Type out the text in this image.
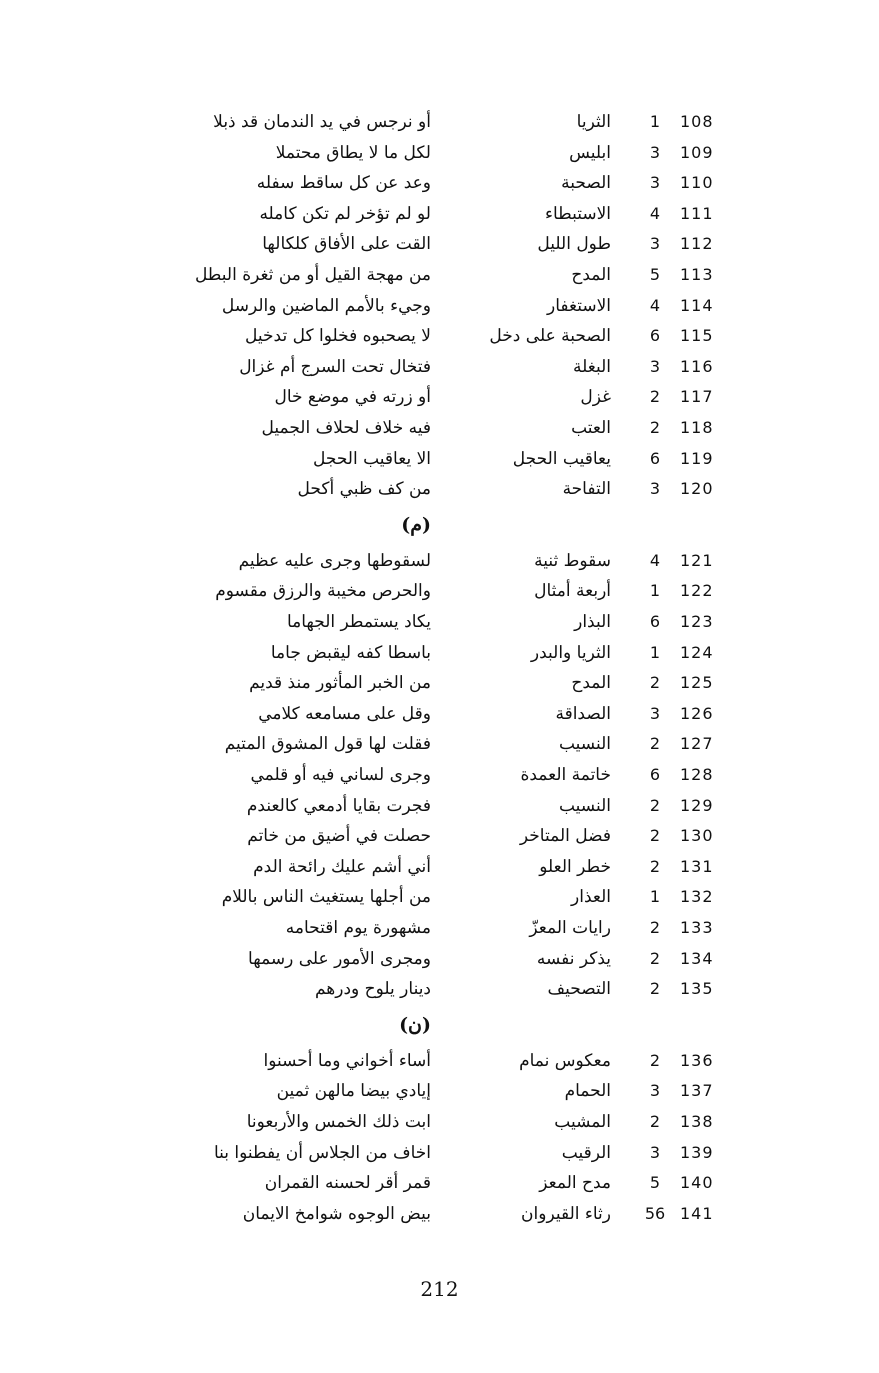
108
1
الثريا
أو نرجس في يد الندمان قد ذبلا
109
3
ابليس
لكل ما لا يطاق محتملا
110
3
الصحبة
وعد عن كل ساقط سفله
111
4
الاستبطاء
لو لم تؤخر لم تكن كامله
112
3
طول الليل
القت على الأفاق كلكالها
113
5
المدح
من مهجة القيل أو من ثغرة البطل
114
4
الاستغفار
وجيء بالأمم الماضين والرسل
115
6
الصحبة على دخل
لا يصحبوه فخلوا كل تدخيل
116
3
البغلة
فتخال تحت السرج أم غزال
117
2
غزل
أو زرته في موضع خال
118
2
العتب
فيه خلاف لحلاف الجميل
119
6
يعاقيب الحجل
الا يعاقيب الحجل
120
3
التفاحة
من كف ظبي أكحل
(م)
121
4
سقوط ثنية
لسقوطها وجرى عليه عظيم
122
1
أربعة أمثال
والحرص مخيبة والرزق مقسوم
123
6
البذار
يكاد يستمطر الجهاما
124
1
الثريا والبدر
باسطا كفه ليقبض جاما
125
2
المدح
من الخبر المأثور منذ قديم
126
3
الصداقة
وقل على مسامعه كلامي
127
2
النسيب
فقلت لها قول المشوق المتيم
128
6
خاتمة العمدة
وجرى لساني فيه أو قلمي
129
2
النسيب
فجرت بقايا أدمعي كالعندم
130
2
فضل المتاخر
حصلت في أضيق من خاتم
131
2
خطر العلو
أني أشم عليك رائحة الدم
132
1
العذار
من أجلها يستغيث الناس باللام
133
2
رايات المعزّ
مشهورة يوم اقتحامه
134
2
يذكر نفسه
ومجرى الأمور على رسمها
135
2
التصحيف
دينار يلوح ودرهم
(ن)
136
2
معكوس نمام
أساء أخواني وما أحسنوا
137
3
الحمام
إيادي بيضا مالهن ثمين
138
2
المشيب
ابت ذلك الخمس والأربعونا
139
3
الرقيب
اخاف من الجلاس أن يفطنوا بنا
140
5
مدح المعز
قمر أقر لحسنه القمران
141
56
رثاء القيروان
بيض الوجوه شوامخ الايمان
212
